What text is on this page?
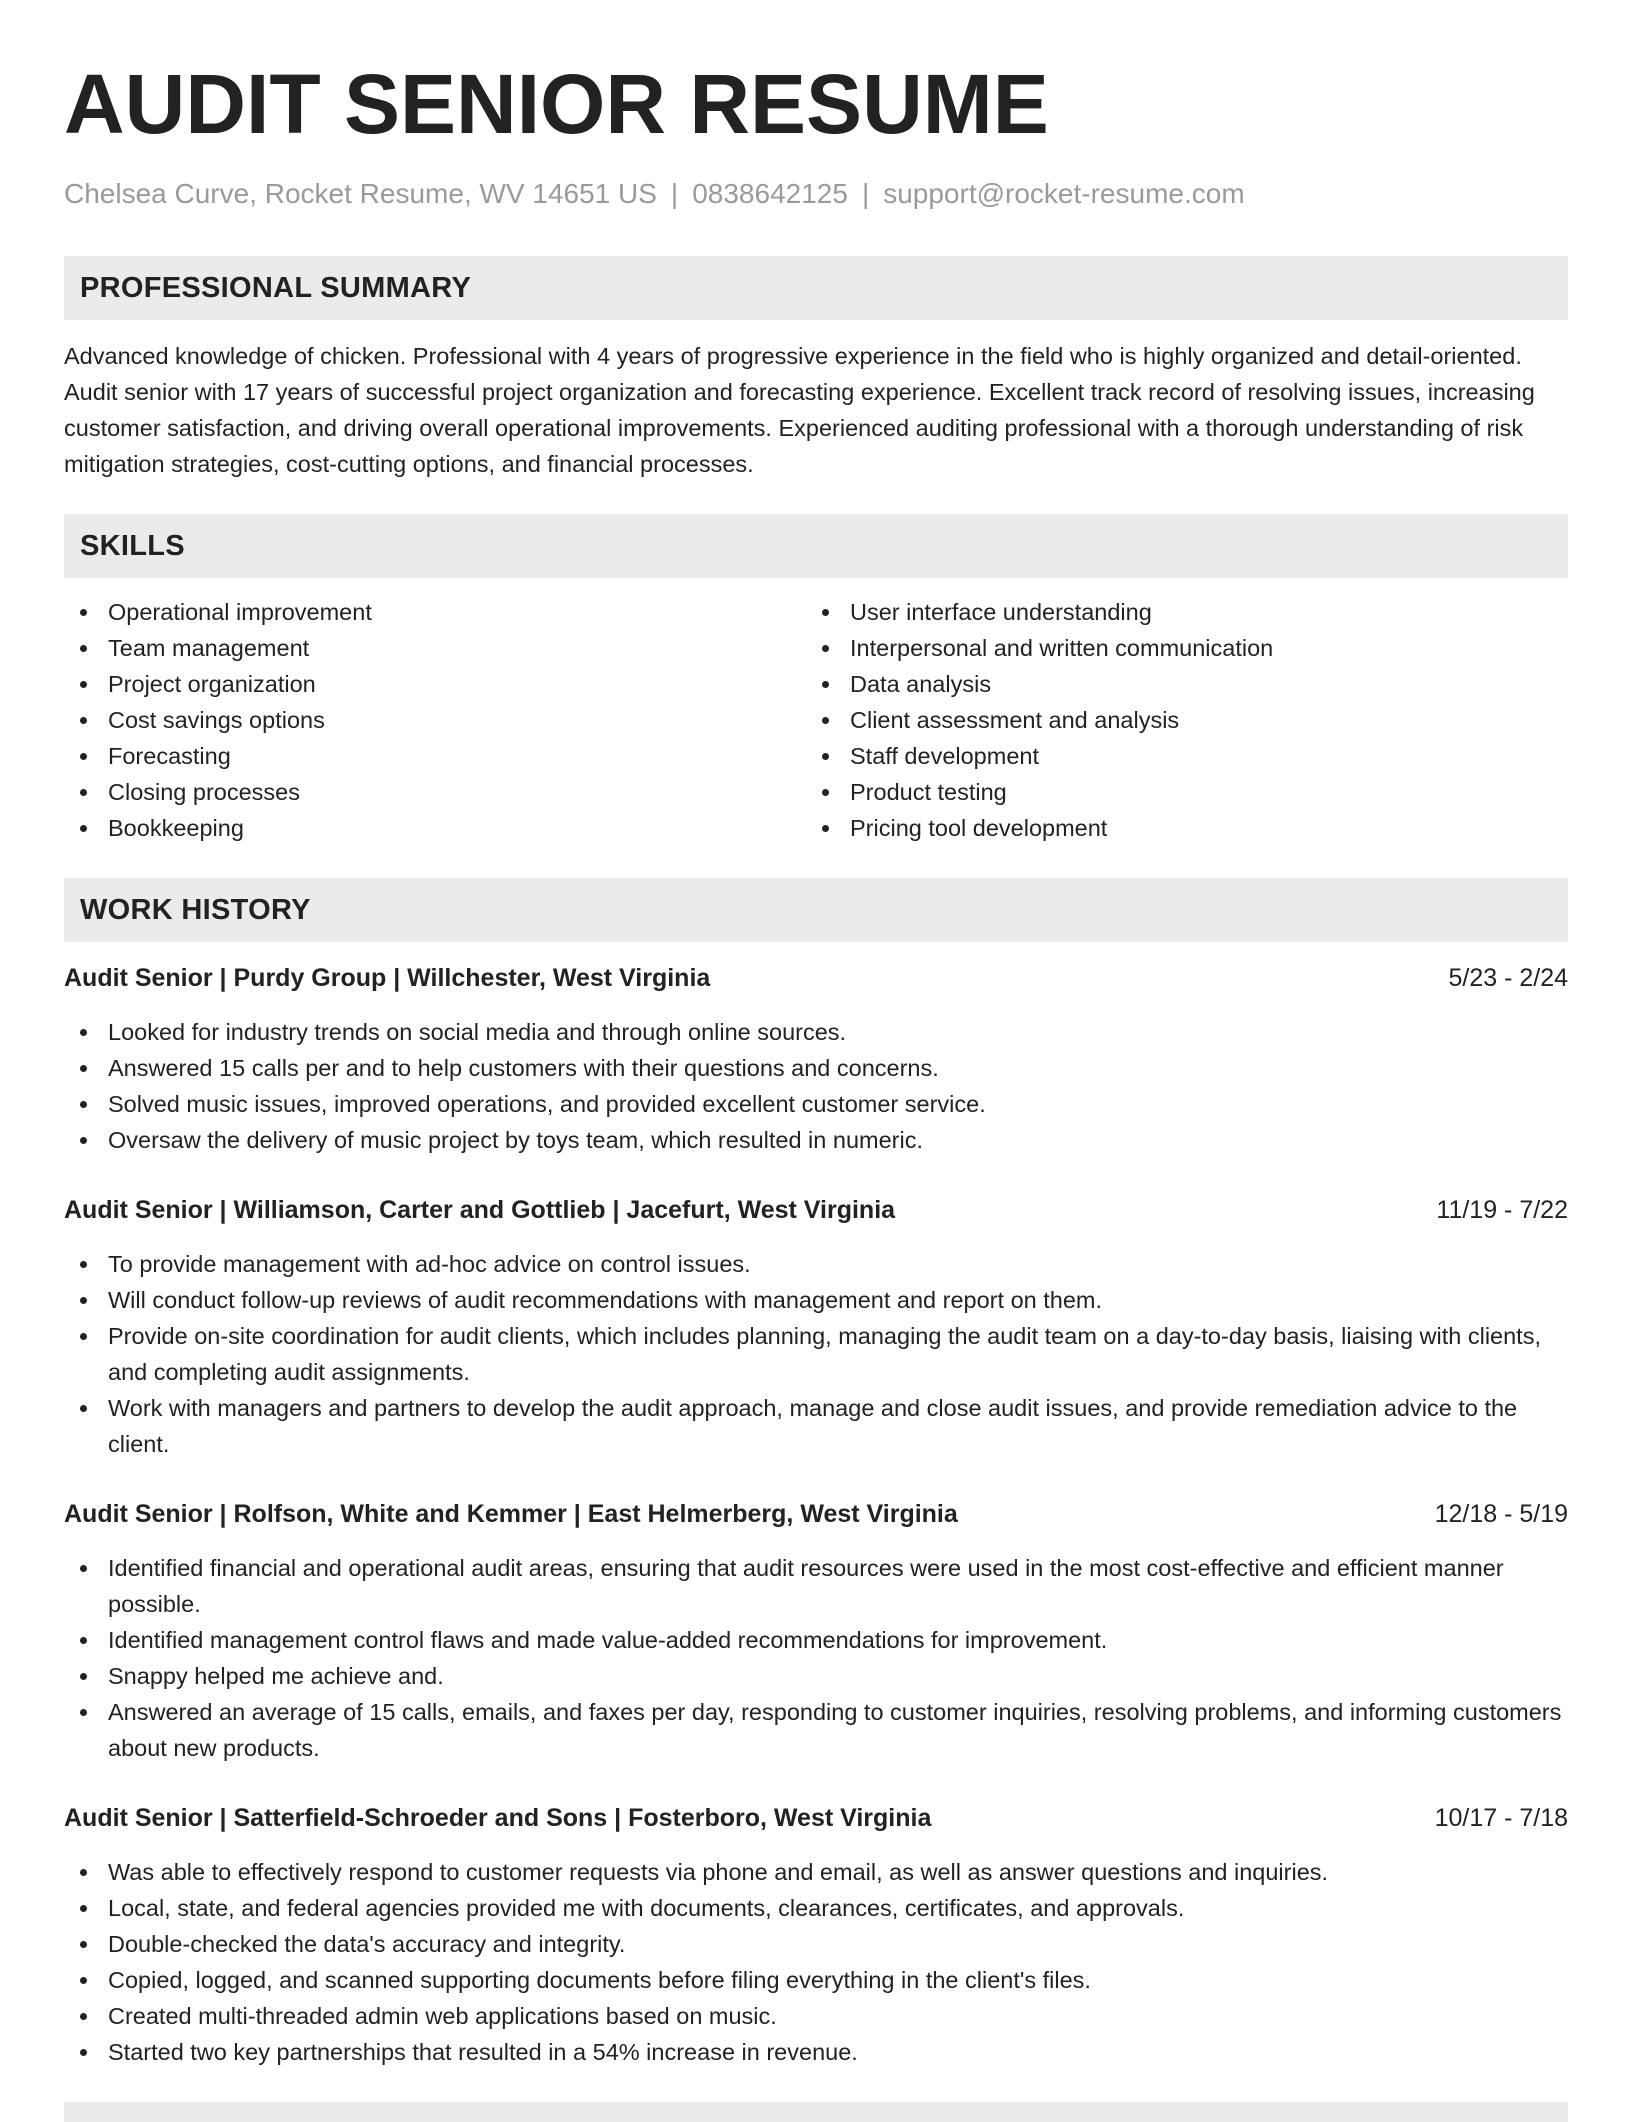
AUDIT SENIOR RESUME
Chelsea Curve, Rocket Resume, WV 14651 US | 0838642125 | support@rocket-resume.com
PROFESSIONAL SUMMARY
Advanced knowledge of chicken. Professional with 4 years of progressive experience in the field who is highly organized and detail-oriented. Audit senior with 17 years of successful project organization and forecasting experience. Excellent track record of resolving issues, increasing customer satisfaction, and driving overall operational improvements. Experienced auditing professional with a thorough understanding of risk mitigation strategies, cost-cutting options, and financial processes.
SKILLS
Operational improvement
Team management
Project organization
Cost savings options
Forecasting
Closing processes
Bookkeeping
User interface understanding
Interpersonal and written communication
Data analysis
Client assessment and analysis
Staff development
Product testing
Pricing tool development
WORK HISTORY
Audit Senior | Purdy Group | Willchester, West Virginia	5/23 - 2/24
Looked for industry trends on social media and through online sources.
Answered 15 calls per and to help customers with their questions and concerns.
Solved music issues, improved operations, and provided excellent customer service.
Oversaw the delivery of music project by toys team, which resulted in numeric.
Audit Senior | Williamson, Carter and Gottlieb | Jacefurt, West Virginia	11/19 - 7/22
To provide management with ad-hoc advice on control issues.
Will conduct follow-up reviews of audit recommendations with management and report on them.
Provide on-site coordination for audit clients, which includes planning, managing the audit team on a day-to-day basis, liaising with clients, and completing audit assignments.
Work with managers and partners to develop the audit approach, manage and close audit issues, and provide remediation advice to the client.
Audit Senior | Rolfson, White and Kemmer | East Helmerberg, West Virginia	12/18 - 5/19
Identified financial and operational audit areas, ensuring that audit resources were used in the most cost-effective and efficient manner possible.
Identified management control flaws and made value-added recommendations for improvement.
Snappy helped me achieve and.
Answered an average of 15 calls, emails, and faxes per day, responding to customer inquiries, resolving problems, and informing customers about new products.
Audit Senior | Satterfield-Schroeder and Sons | Fosterboro, West Virginia	10/17 - 7/18
Was able to effectively respond to customer requests via phone and email, as well as answer questions and inquiries.
Local, state, and federal agencies provided me with documents, clearances, certificates, and approvals.
Double-checked the data's accuracy and integrity.
Copied, logged, and scanned supporting documents before filing everything in the client's files.
Created multi-threaded admin web applications based on music.
Started two key partnerships that resulted in a 54% increase in revenue.
